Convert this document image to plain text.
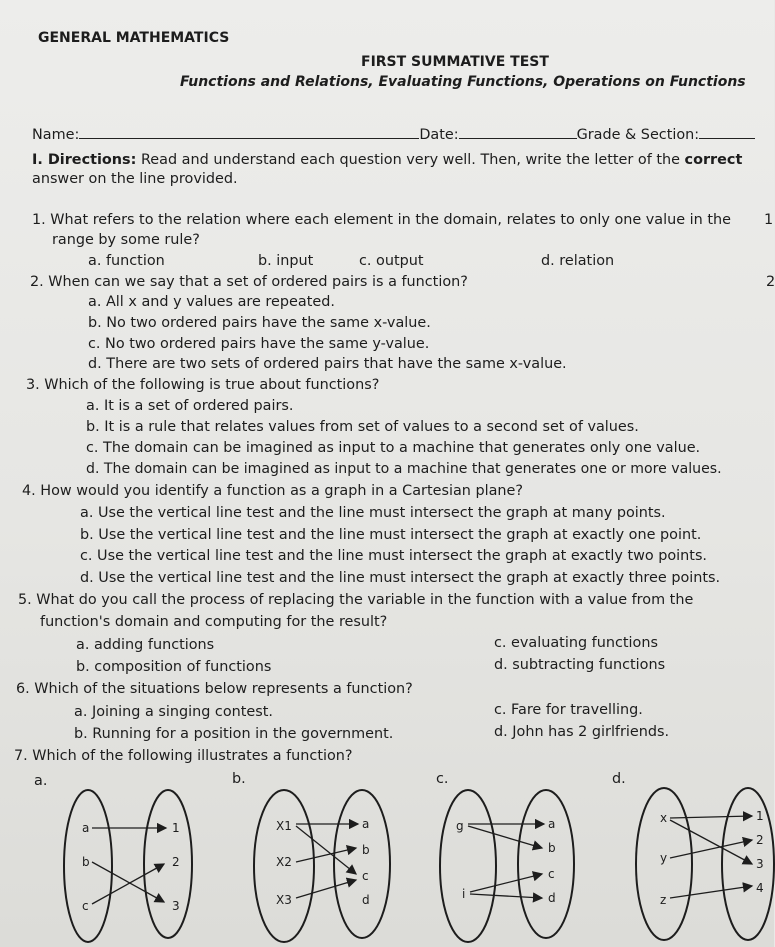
GENERAL MATHEMATICS
FIRST SUMMATIVE TEST
Functions and Relations, Evaluating Functions, Operations on Functions
Name:	Date:	Grade & Section:
I. Directions: Read and understand each question very well. Then, write the letter of the correct
answer on the line provided.
1
2
1. What refers to the relation where each element in the domain, relates to only one value in the
range by some rule?
a. function	b. input	c. output	d. relation
2. When can we say that a set of ordered pairs is a function?
a. All x and y values are repeated.
b. No two ordered pairs have the same x-value.
c. No two ordered pairs have the same y-value.
d. There are two sets of ordered pairs that have the same x-value.
3. Which of the following is true about functions?
a. It is a set of ordered pairs.
b. It is a rule that relates values from set of values to a second set of values.
c. The domain can be imagined as input to a machine that generates only one value.
d. The domain can be imagined as input to a machine that generates one or more values.
4. How would you identify a function as a graph in a Cartesian plane?
a. Use the vertical line test and the line must intersect the graph at many points.
b. Use the vertical line test and the line must intersect the graph at exactly one point.
c. Use the vertical line test and the line must intersect the graph at exactly two points.
d. Use the vertical line test and the line must intersect the graph at exactly three points.
5. What do you call the process of replacing the variable in the function with a value from the
function's domain and computing for the result?
a. adding functions
b. composition of functions
c. evaluating functions
d. subtracting functions
6. Which of the situations below represents a function?
a. Joining a singing contest.
b. Running for a position in the government.
c. Fare for travelling.
d. John has 2 girlfriends.
7. Which of the following illustrates a function?
a.	b.	c.	d.
a
b
c
1
2
3
X1
X2
X3
a
b
c
d
g
i
a
b
c
d
x
y
z
1
2
3
4
